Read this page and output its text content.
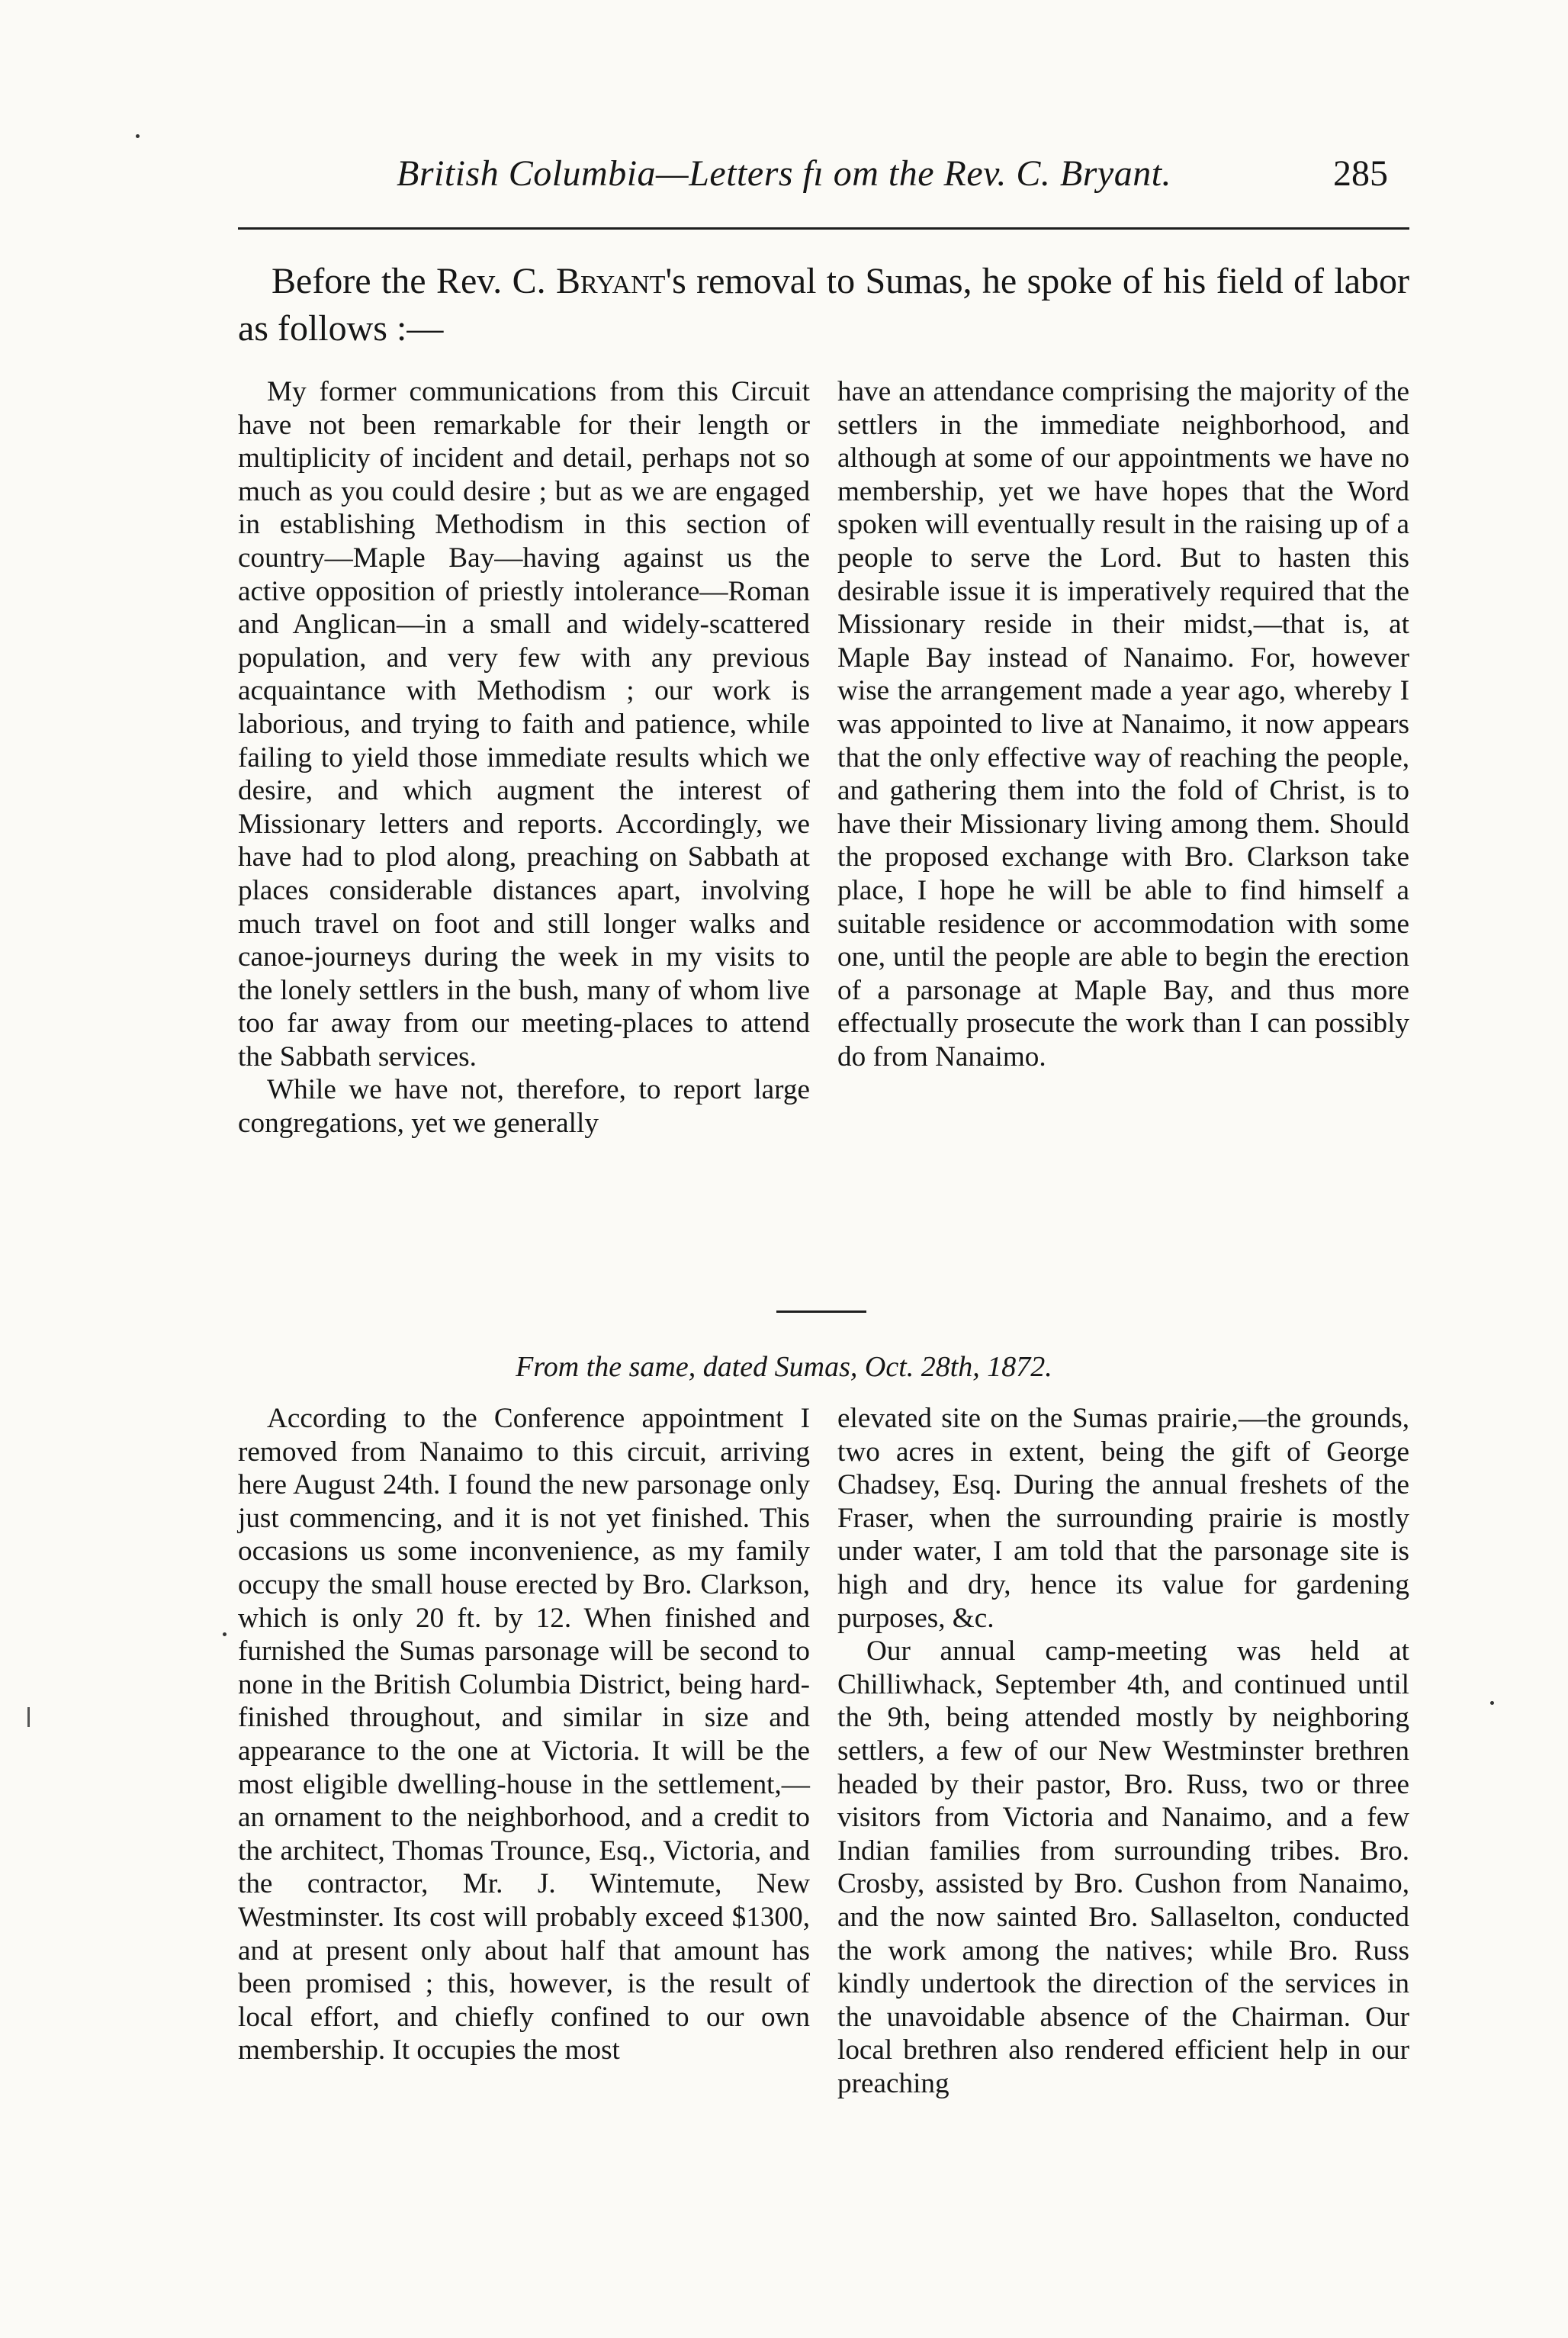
British Columbia—Letters fı om the Rev. C. Bryant.	285
Before the Rev. C. Bryant's removal to Sumas, he spoke of his field of labor as follows :—

My former communications from this Circuit have not been remarkable for their length or multiplicity of incident and detail, perhaps not so much as you could desire ; but as we are engaged in establishing Methodism in this section of country—Maple Bay—having against us the active opposition of priestly intolerance—Roman and Anglican—in a small and widely-scattered population, and very few with any previous acquaintance with Methodism ; our work is laborious, and trying to faith and patience, while failing to yield those immediate results which we desire, and which augment the interest of Missionary letters and reports. Accordingly, we have had to plod along, preaching on Sabbath at places considerable distances apart, involving much travel on foot and still longer walks and canoe-journeys during the week in my visits to the lonely settlers in the bush, many of whom live too far away from our meeting-places to attend the Sabbath services.

While we have not, therefore, to report large congregations, yet we generally

have an attendance comprising the majority of the settlers in the immediate neighborhood, and although at some of our appointments we have no membership, yet we have hopes that the Word spoken will eventually result in the raising up of a people to serve the Lord. But to hasten this desirable issue it is imperatively required that the Missionary reside in their midst,—that is, at Maple Bay instead of Nanaimo. For, however wise the arrangement made a year ago, whereby I was appointed to live at Nanaimo, it now appears that the only effective way of reaching the people, and gathering them into the fold of Christ, is to have their Missionary living among them. Should the proposed exchange with Bro. Clarkson take place, I hope he will be able to find himself a suitable residence or accommodation with some one, until the people are able to begin the erection of a parsonage at Maple Bay, and thus more effectually prosecute the work than I can possibly do from Nanaimo.

From the same, dated Sumas, Oct. 28th, 1872.

According to the Conference appointment I removed from Nanaimo to this circuit, arriving here August 24th. I found the new parsonage only just commencing, and it is not yet finished. This occasions us some inconvenience, as my family occupy the small house erected by Bro. Clarkson, which is only 20 ft. by 12. When finished and furnished the Sumas parsonage will be second to none in the British Columbia District, being hard-finished throughout, and similar in size and appearance to the one at Victoria. It will be the most eligible dwelling-house in the settlement,—an ornament to the neighborhood, and a credit to the architect, Thomas Trounce, Esq., Victoria, and the contractor, Mr. J. Wintemute, New Westminster. Its cost will probably exceed $1300, and at present only about half that amount has been promised ; this, however, is the result of local effort, and chiefly confined to our own membership. It occupies the most

elevated site on the Sumas prairie,—the grounds, two acres in extent, being the gift of George Chadsey, Esq. During the annual freshets of the Fraser, when the surrounding prairie is mostly under water, I am told that the parsonage site is high and dry, hence its value for gardening purposes, &c.

Our annual camp-meeting was held at Chilliwhack, September 4th, and continued until the 9th, being attended mostly by neighboring settlers, a few of our New Westminster brethren headed by their pastor, Bro. Russ, two or three visitors from Victoria and Nanaimo, and a few Indian families from surrounding tribes. Bro. Crosby, assisted by Bro. Cushon from Nanaimo, and the now sainted Bro. Sallaselton, conducted the work among the natives; while Bro. Russ kindly undertook the direction of the services in the unavoidable absence of the Chairman. Our local brethren also rendered efficient help in our preaching
